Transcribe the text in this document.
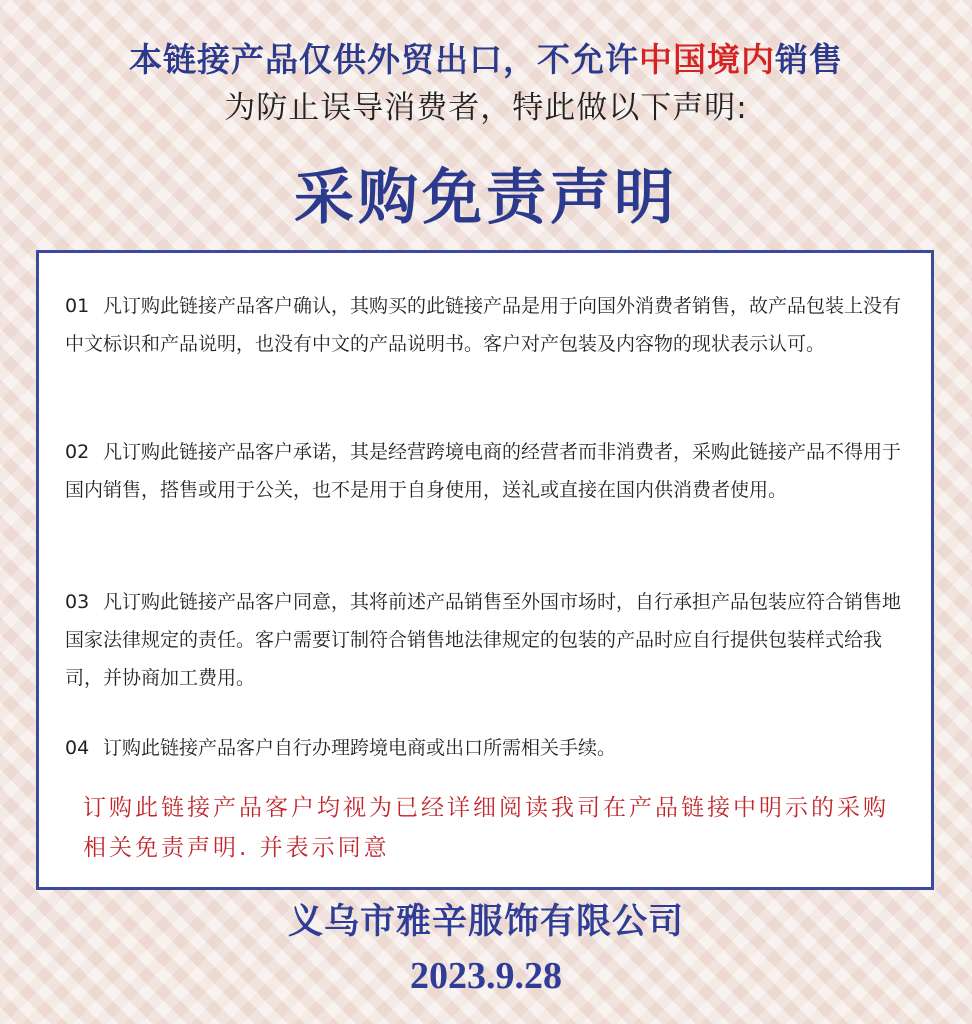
本链接产品仅供外贸出口，不允许中国境内销售
为防止误导消费者，特此做以下声明:
采购免责声明
01 凡订购此链接产品客户确认，其购买的此链接产品是用于向国外消费者销售，故产品包装上没有中文标识和产品说明，也没有中文的产品说明书。客户对产包装及内容物的现状表示认可。
02 凡订购此链接产品客户承诺，其是经营跨境电商的经营者而非消费者，采购此链接产品不得用于国内销售，搭售或用于公关，也不是用于自身使用，送礼或直接在国内供消费者使用。
03 凡订购此链接产品客户同意，其将前述产品销售至外国市场时，自行承担产品包装应符合销售地国家法律规定的责任。客户需要订制符合销售地法律规定的包装的产品时应自行提供包装样式给我司，并协商加工费用。
04 订购此链接产品客户自行办理跨境电商或出口所需相关手续。
订购此链接产品客户均视为已经详细阅读我司在产品链接中明示的采购相关免责声明. 并表示同意
义乌市雅辛服饰有限公司
2023.9.28
